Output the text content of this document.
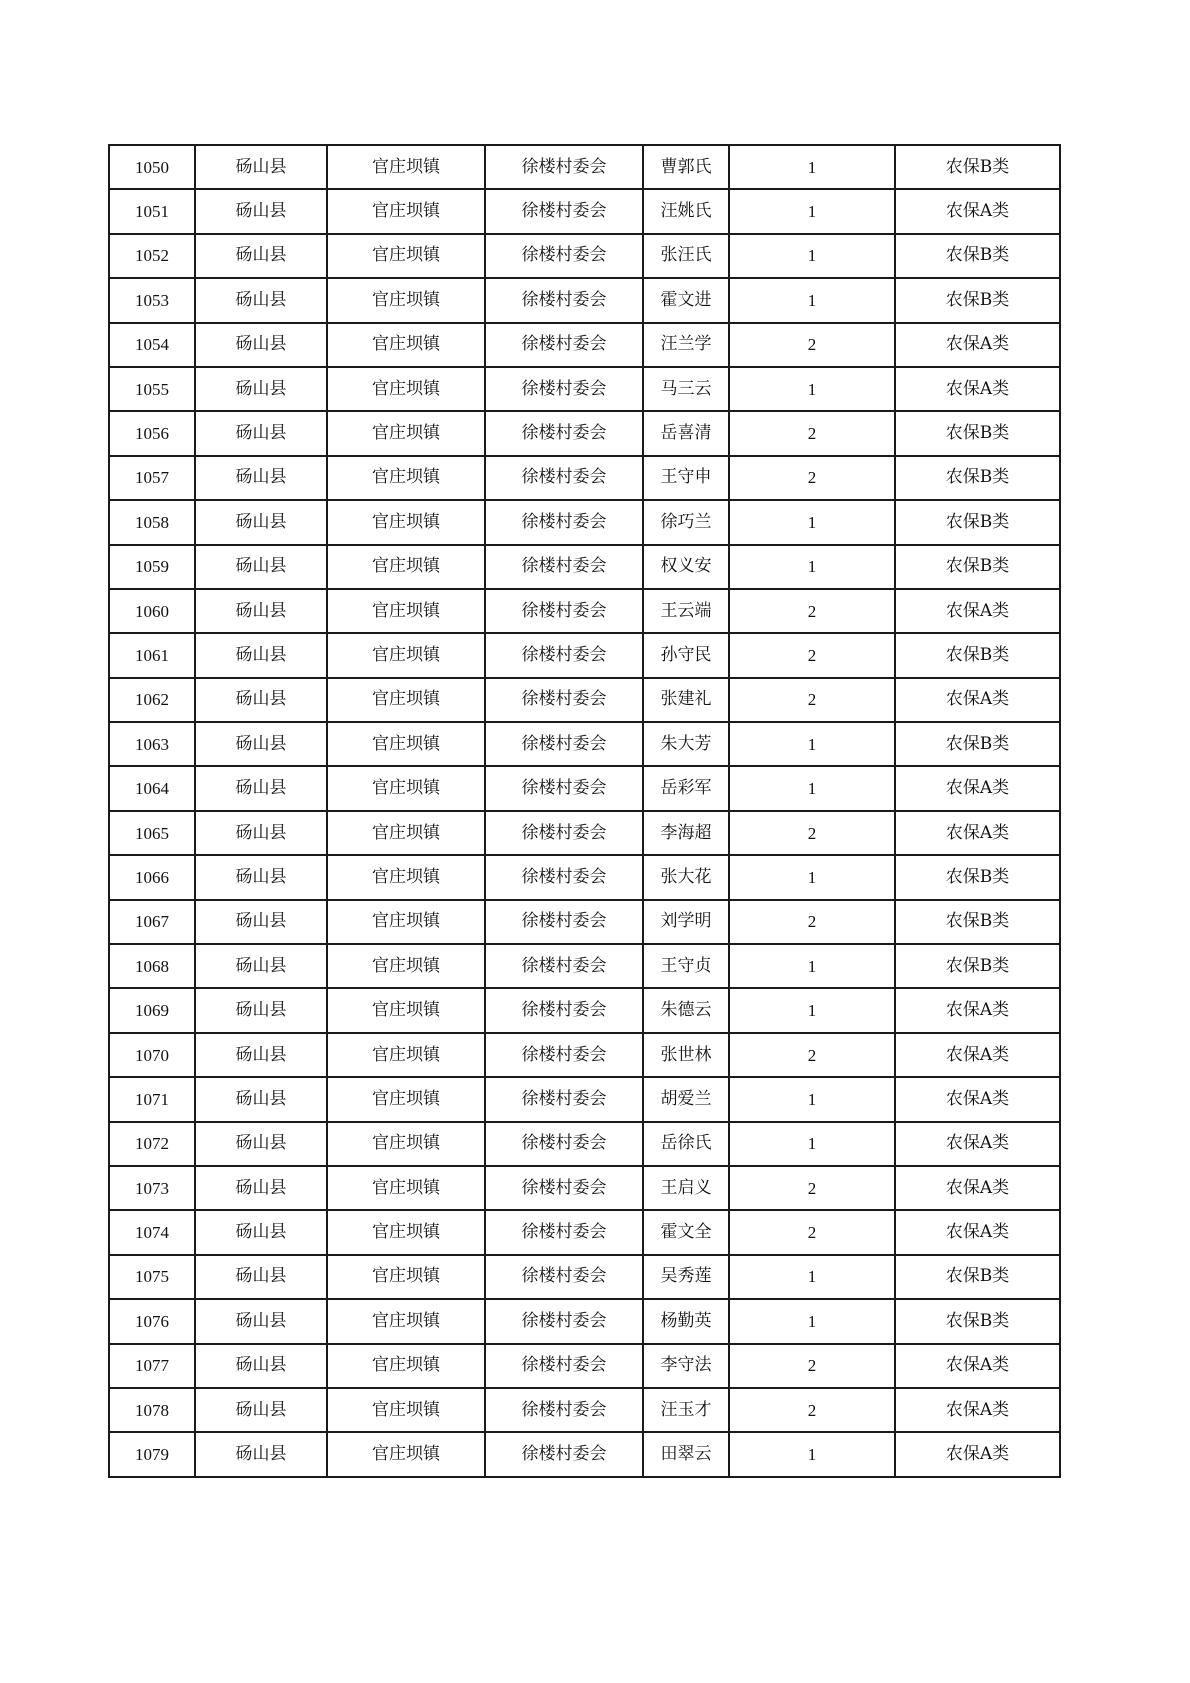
1050	砀山县	官庄坝镇	徐楼村委会	曹郭氏	1	农保B类
1051	砀山县	官庄坝镇	徐楼村委会	汪姚氏	1	农保A类
1052	砀山县	官庄坝镇	徐楼村委会	张汪氏	1	农保B类
1053	砀山县	官庄坝镇	徐楼村委会	霍文进	1	农保B类
1054	砀山县	官庄坝镇	徐楼村委会	汪兰学	2	农保A类
1055	砀山县	官庄坝镇	徐楼村委会	马三云	1	农保A类
1056	砀山县	官庄坝镇	徐楼村委会	岳喜清	2	农保B类
1057	砀山县	官庄坝镇	徐楼村委会	王守申	2	农保B类
1058	砀山县	官庄坝镇	徐楼村委会	徐巧兰	1	农保B类
1059	砀山县	官庄坝镇	徐楼村委会	权义安	1	农保B类
1060	砀山县	官庄坝镇	徐楼村委会	王云端	2	农保A类
1061	砀山县	官庄坝镇	徐楼村委会	孙守民	2	农保B类
1062	砀山县	官庄坝镇	徐楼村委会	张建礼	2	农保A类
1063	砀山县	官庄坝镇	徐楼村委会	朱大芳	1	农保B类
1064	砀山县	官庄坝镇	徐楼村委会	岳彩军	1	农保A类
1065	砀山县	官庄坝镇	徐楼村委会	李海超	2	农保A类
1066	砀山县	官庄坝镇	徐楼村委会	张大花	1	农保B类
1067	砀山县	官庄坝镇	徐楼村委会	刘学明	2	农保B类
1068	砀山县	官庄坝镇	徐楼村委会	王守贞	1	农保B类
1069	砀山县	官庄坝镇	徐楼村委会	朱德云	1	农保A类
1070	砀山县	官庄坝镇	徐楼村委会	张世林	2	农保A类
1071	砀山县	官庄坝镇	徐楼村委会	胡爱兰	1	农保A类
1072	砀山县	官庄坝镇	徐楼村委会	岳徐氏	1	农保A类
1073	砀山县	官庄坝镇	徐楼村委会	王启义	2	农保A类
1074	砀山县	官庄坝镇	徐楼村委会	霍文全	2	农保A类
1075	砀山县	官庄坝镇	徐楼村委会	吴秀莲	1	农保B类
1076	砀山县	官庄坝镇	徐楼村委会	杨勤英	1	农保B类
1077	砀山县	官庄坝镇	徐楼村委会	李守法	2	农保A类
1078	砀山县	官庄坝镇	徐楼村委会	汪玉才	2	农保A类
1079	砀山县	官庄坝镇	徐楼村委会	田翠云	1	农保A类
